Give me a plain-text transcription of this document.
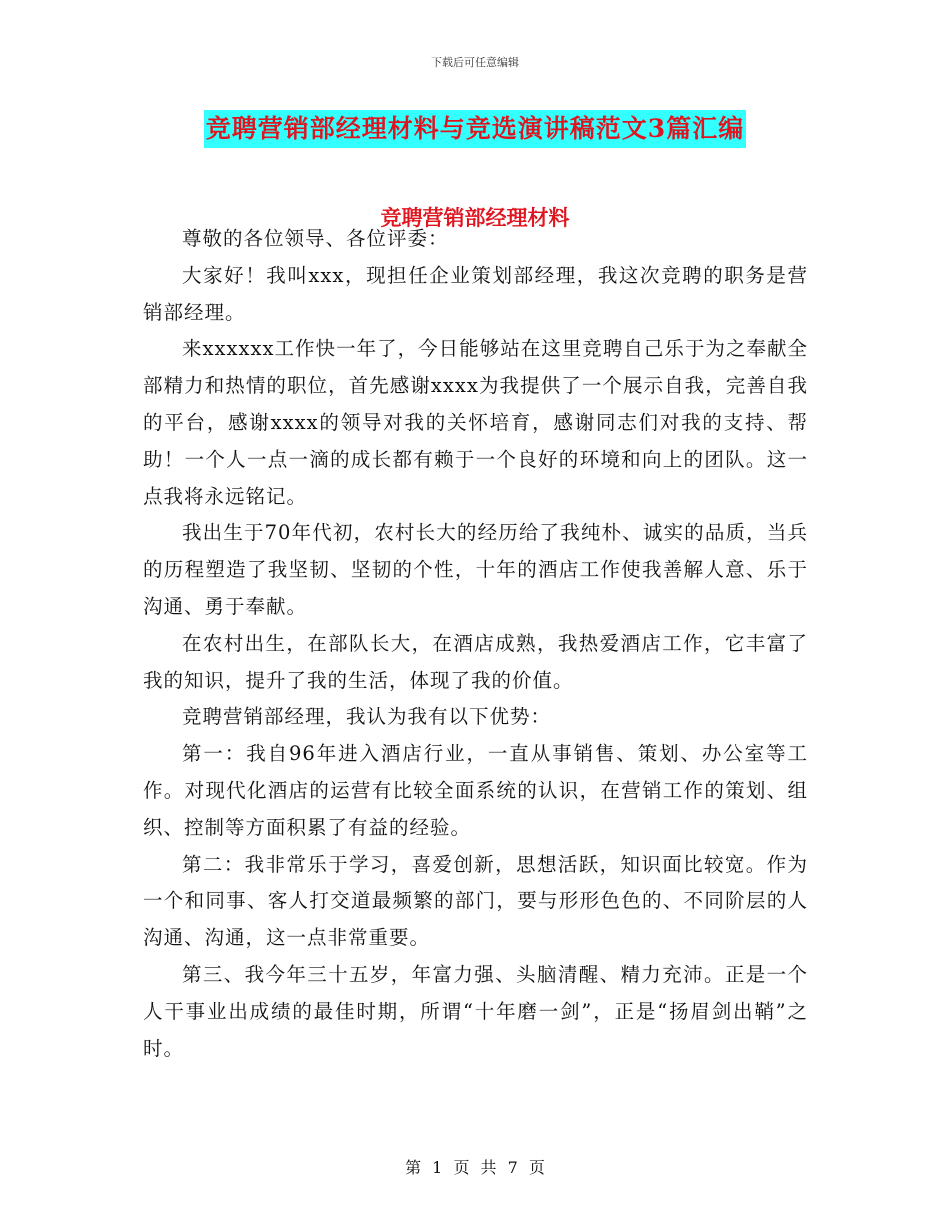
下载后可任意编辑
竞聘营销部经理材料与竞选演讲稿范文3篇汇编
竞聘营销部经理材料

尊敬的各位领导、各位评委：

大家好！我叫xxx，现担任企业策划部经理，我这次竞聘的职务是营销部经理。

来xxxxxx工作快一年了，今日能够站在这里竞聘自己乐于为之奉献全部精力和热情的职位，首先感谢xxxx为我提供了一个展示自我，完善自我的平台，感谢xxxx的领导对我的关怀培育，感谢同志们对我的支持、帮助！一个人一点一滴的成长都有赖于一个良好的环境和向上的团队。这一点我将永远铭记。

我出生于70年代初，农村长大的经历给了我纯朴、诚实的品质，当兵的历程塑造了我坚韧、坚韧的个性，十年的酒店工作使我善解人意、乐于沟通、勇于奉献。

在农村出生，在部队长大，在酒店成熟，我热爱酒店工作，它丰富了我的知识，提升了我的生活，体现了我的价值。

竞聘营销部经理，我认为我有以下优势：

第一：我自96年进入酒店行业，一直从事销售、策划、办公室等工作。对现代化酒店的运营有比较全面系统的认识，在营销工作的策划、组织、控制等方面积累了有益的经验。

第二：我非常乐于学习，喜爱创新，思想活跃，知识面比较宽。作为一个和同事、客人打交道最频繁的部门，要与形形色色的、不同阶层的人沟通、沟通，这一点非常重要。

第三、我今年三十五岁，年富力强、头脑清醒、精力充沛。正是一个人干事业出成绩的最佳时期，所谓“十年磨一剑”，正是“扬眉剑出鞘”之时。

第 1 页 共 7 页
